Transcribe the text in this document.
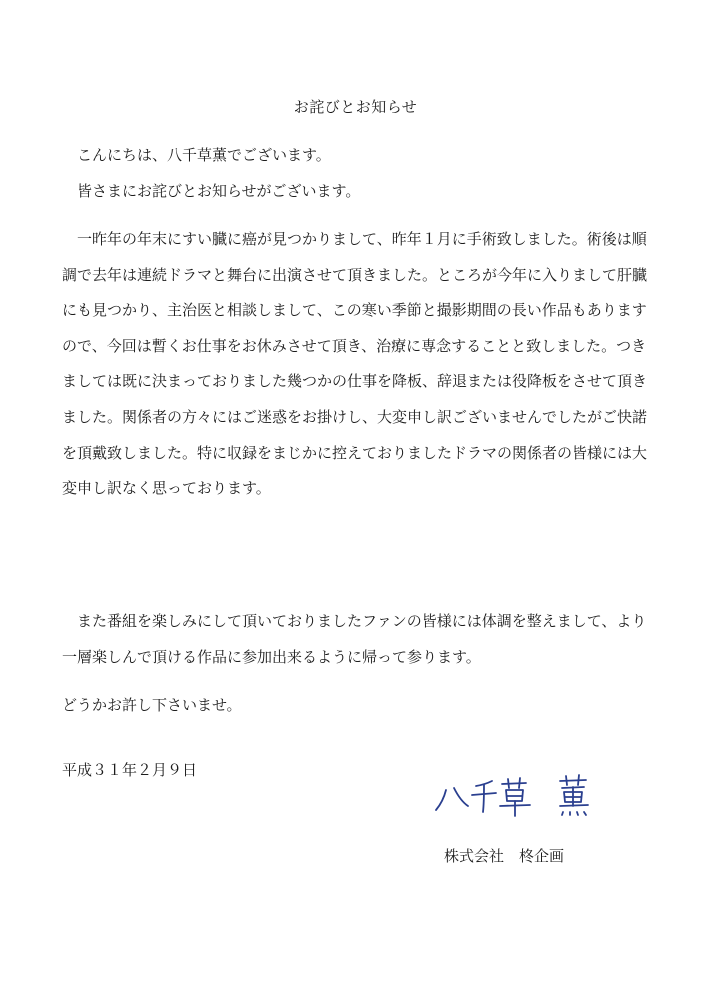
お詫びとお知らせ

こんにちは、八千草薫でございます。

皆さまにお詫びとお知らせがございます。

一昨年の年末にすい臓に癌が見つかりまして、昨年１月に手術致しました。術後は順調で去年は連続ドラマと舞台に出演させて頂きました。ところが今年に入りまして肝臓にも見つかり、主治医と相談しまして、この寒い季節と撮影期間の長い作品もありますので、今回は暫くお仕事をお休みさせて頂き、治療に専念することと致しました。つきましては既に決まっておりました幾つかの仕事を降板、辞退または役降板をさせて頂きました。関係者の方々にはご迷惑をお掛けし、大変申し訳ございませんでしたがご快諾を頂戴致しました。特に収録をまじかに控えておりましたドラマの関係者の皆様には大変申し訳なく思っております。

また番組を楽しみにして頂いておりましたファンの皆様には体調を整えまして、より一層楽しんで頂ける作品に参加出来るように帰って参ります。

どうかお許し下さいませ。

平成３１年２月９日

株式会社　柊企画
